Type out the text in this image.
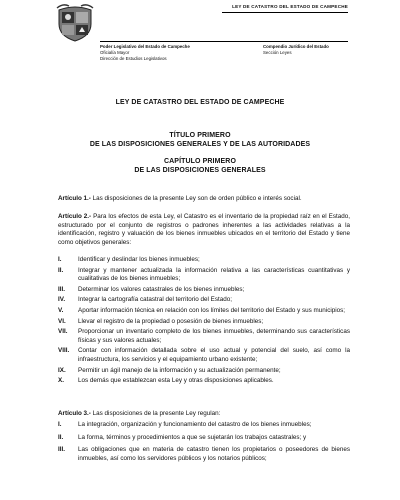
LEY DE CATASTRO DEL ESTADO DE CAMPECHE
Poder Legislativo del Estado de Campeche
Oficialía Mayor
Dirección de Estudios Legislativos
Compendio Jurídico del Estado
Sección Leyes
LEY DE CATASTRO DEL ESTADO DE CAMPECHE
TÍTULO PRIMERO
DE LAS DISPOSICIONES GENERALES Y DE LAS AUTORIDADES
CAPÍTULO PRIMERO
DE LAS DISPOSICIONES GENERALES

Artículo 1.- Las disposiciones de la presente Ley son de orden público e interés social.

Artículo 2.- Para los efectos de esta Ley, el Catastro es el inventario de la propiedad raíz en el Estado, estructurado por el conjunto de registros o padrones inherentes a las actividades relativas a la identificación, registro y valuación de los bienes inmuebles ubicados en el territorio del Estado y tiene como objetivos generales:

I.	Identificar y deslindar los bienes inmuebles;
II. Integrar y mantener actualizada la información relativa a las características cuantitativas y cualitativas de los bienes inmuebles;
III. Determinar los valores catastrales de los bienes inmuebles;
IV. Integrar la cartografía catastral del territorio del Estado;
V. Aportar información técnica en relación con los límites del territorio del Estado y sus municipios;
VI. Llevar el registro de la propiedad o posesión de bienes inmuebles;
VII. Proporcionar un inventario completo de los bienes inmuebles, determinando sus características físicas y sus valores actuales;
VIII. Contar con información detallada sobre el uso actual y potencial del suelo, así como la infraestructura, los servicios y el equipamiento urbano existente;
IX. Permitir un ágil manejo de la información y su actualización permanente;
X. Los demás que establezcan esta Ley y otras disposiciones aplicables.

Artículo 3.- Las disposiciones de la presente Ley regulan:

I.	La integración, organización y funcionamiento del catastro de los bienes inmuebles;
II. La forma, términos y procedimientos a que se sujetarán los trabajos catastrales; y
III. Las obligaciones que en materia de catastro tienen los propietarios o poseedores de bienes inmuebles, así como los servidores públicos y los notarios públicos;
